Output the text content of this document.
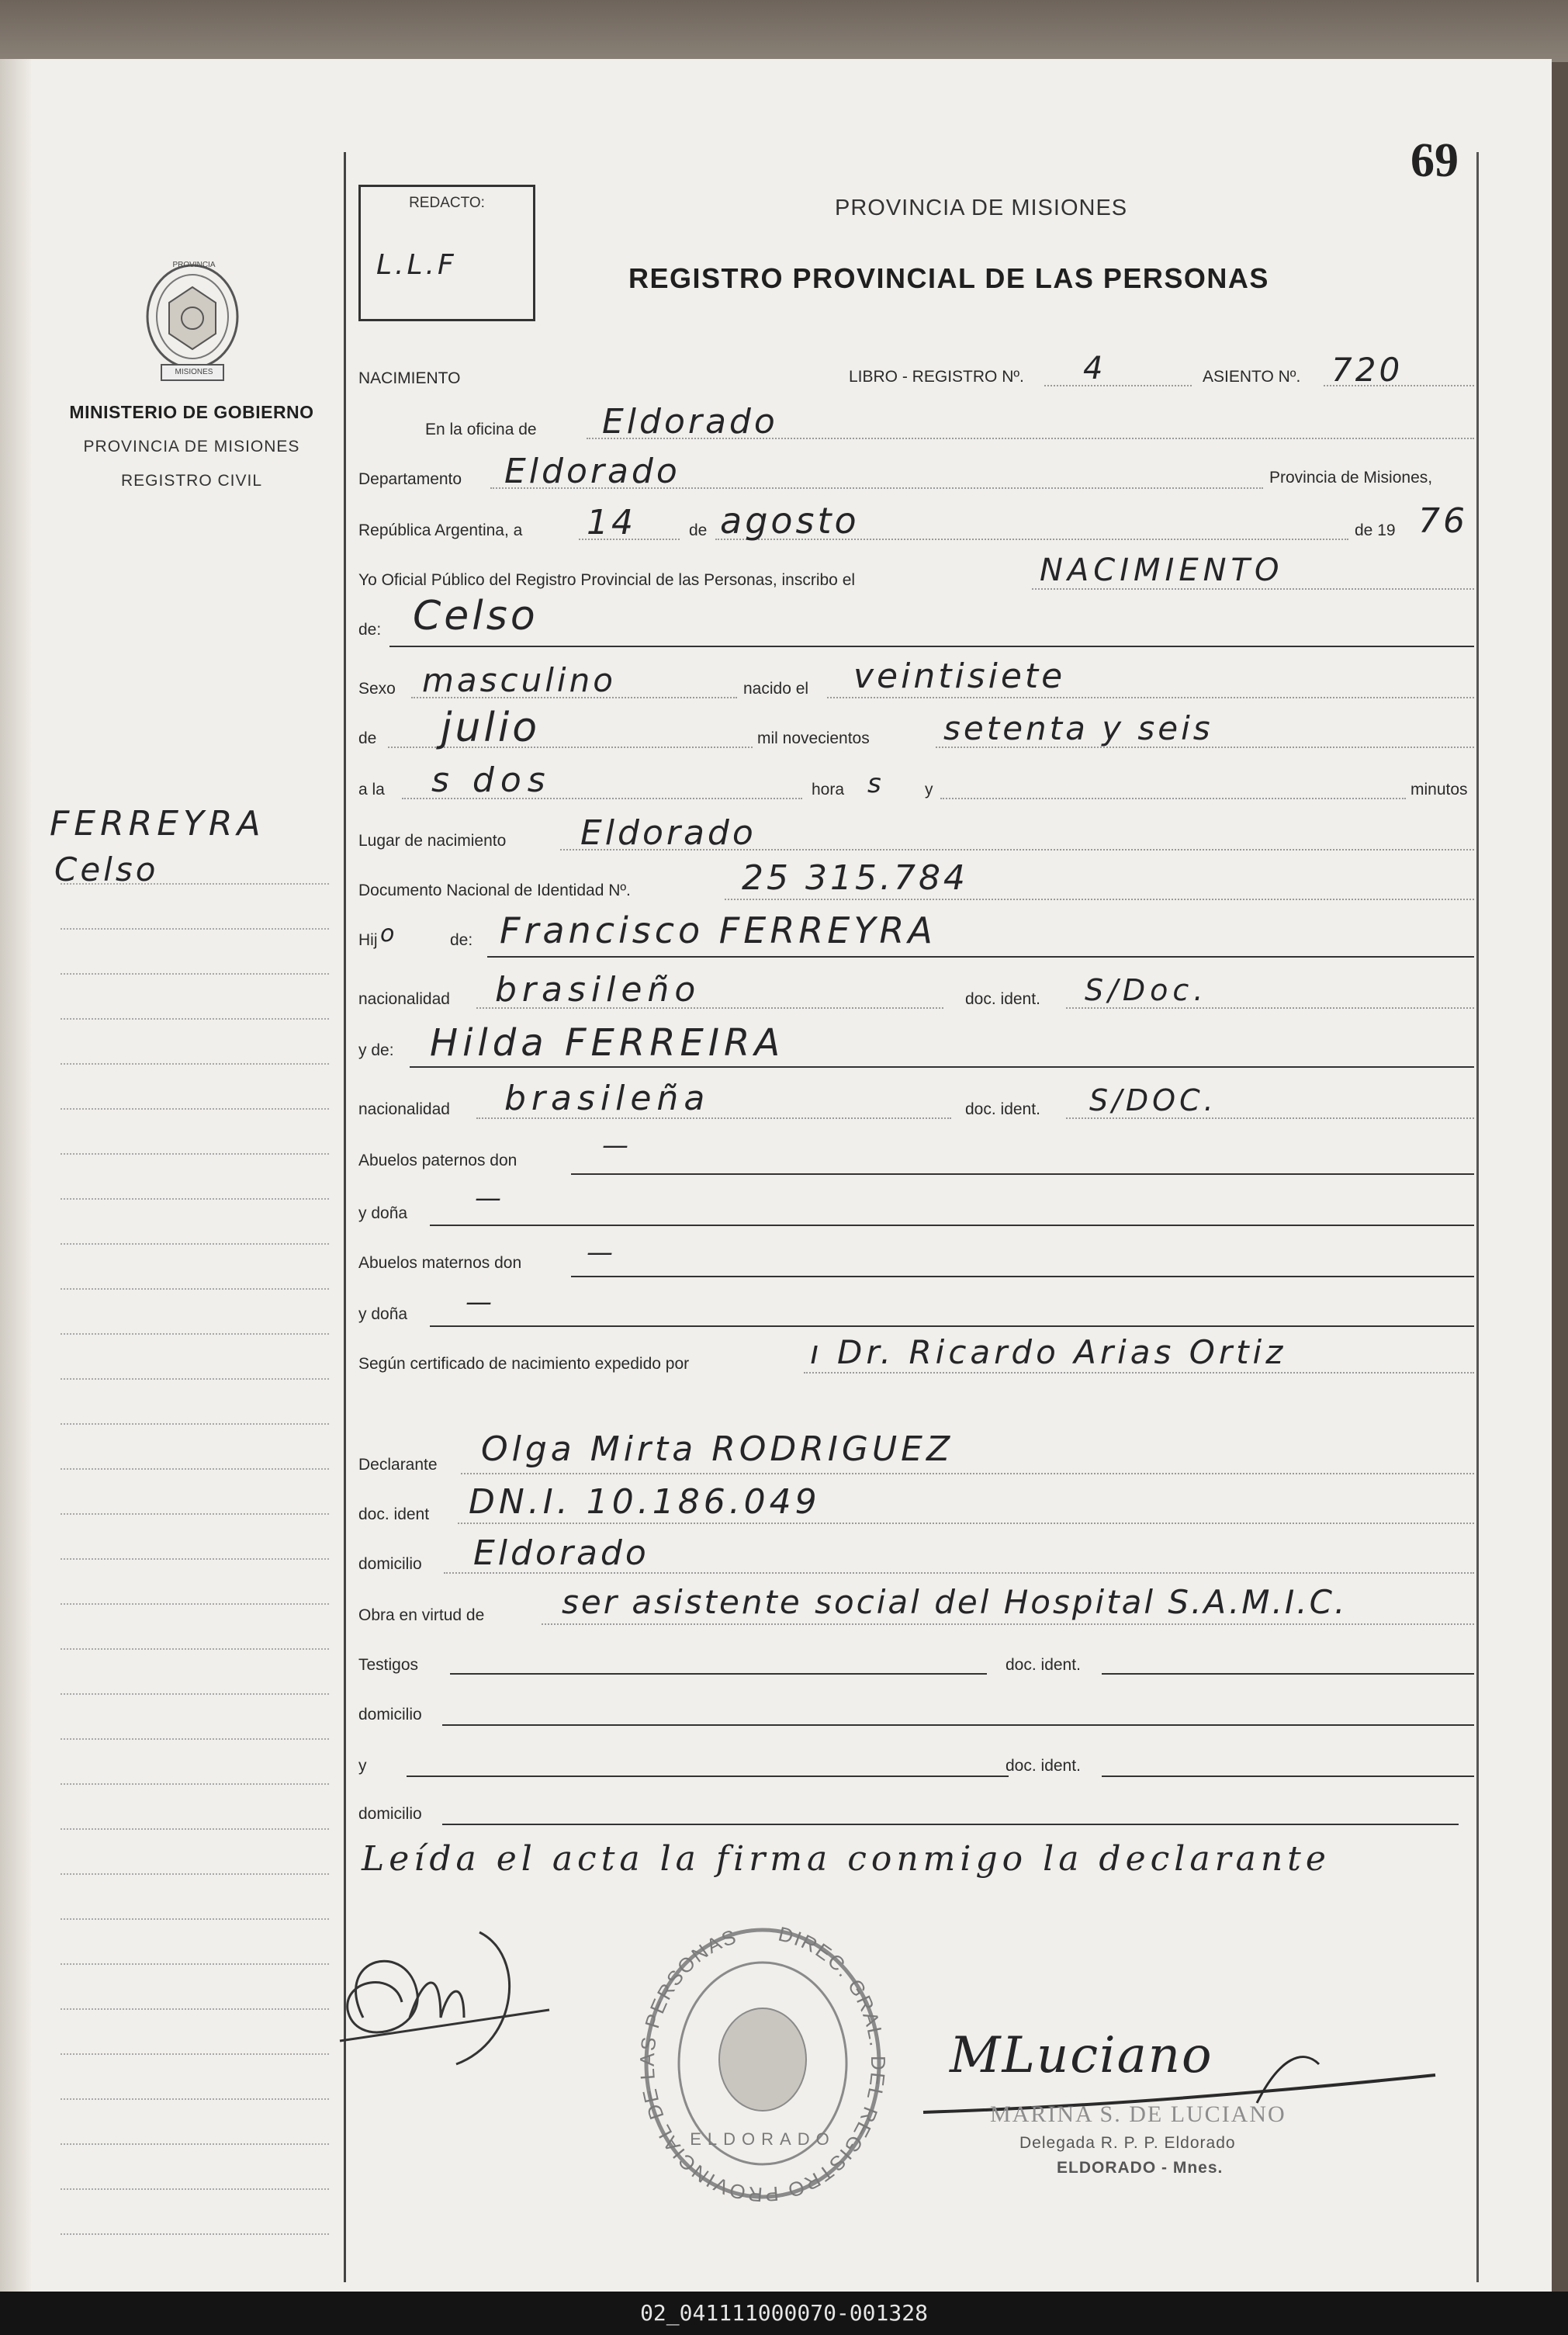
69
PROVINCIA
MISIONES
MINISTERIO DE GOBIERNO
PROVINCIA DE MISIONES
REGISTRO CIVIL
FERREYRA
Celso
REDACTO:
L.L.F
PROVINCIA DE MISIONES
REGISTRO PROVINCIAL DE LAS PERSONAS
NACIMIENTO	LIBRO - REGISTRO Nº. 4	ASIENTO Nº. 720
En la oficina de Eldorado
Departamento Eldorado	Provincia de Misiones,
República Argentina, a 14	de agosto	de 19 76
Yo Oficial Público del Registro Provincial de las Personas, inscribo el	NACIMIENTO
de: Celso
Sexo masculino	nacido el veintisiete
de julio	mil novecientos setenta y seis
a la s dos	hora s y	minutos
Lugar de nacimiento Eldorado
Documento Nacional de Identidad Nº.	25 315.784
Hij o	de: Francisco FERREYRA
nacionalidad brasileño	doc. ident. S/Doc.
y de: Hilda FERREIRA
nacionalidad brasileña	doc. ident. S/DOC.
Abuelos paternos don	—
y doña	—
Abuelos maternos don —
y doña —
Según certificado de nacimiento expedido por	ı Dr. Ricardo Arias Ortiz
Declarante Olga Mirta RODRIGUEZ
doc. ident DN.I. 10.186.049
domicilio Eldorado
Obra en virtud de ser asistente social del Hospital S.A.M.I.C.
Testigos	doc. ident.
domicilio
y	doc. ident.
domicilio
Leída el acta la firma conmigo la declarante
DIREC. GRAL. DEL REGISTRO PROVINCIAL DE LAS PERSONAS
ELDORADO
MLuciano
MARINA S. DE LUCIANO
Delegada R. P. P. Eldorado
ELDORADO - Mnes.
02_041111000070-001328
